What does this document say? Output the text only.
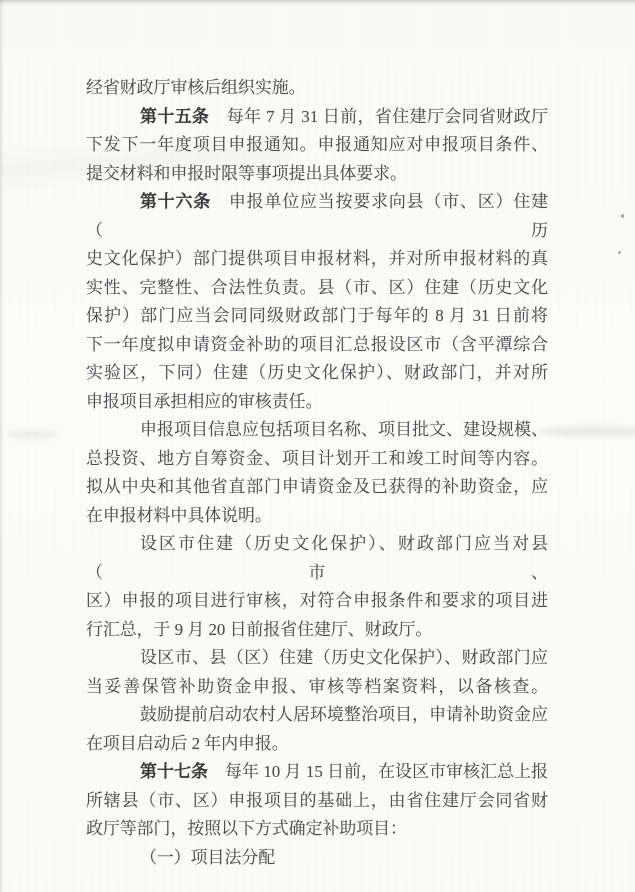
经省财政厅审核后组织实施。
第十五条　每年 7 月 31 日前，省住建厅会同省财政厅
下发下一年度项目申报通知。申报通知应对申报项目条件、
提交材料和申报时限等事项提出具体要求。
第十六条　申报单位应当按要求向县（市、区）住建（历
史文化保护）部门提供项目申报材料，并对所申报材料的真
实性、完整性、合法性负责。县（市、区）住建（历史文化
保护）部门应当会同同级财政部门于每年的 8 月 31 日前将
下一年度拟申请资金补助的项目汇总报设区市（含平潭综合
实验区，下同）住建（历史文化保护）、财政部门，并对所
申报项目承担相应的审核责任。
申报项目信息应包括项目名称、项目批文、建设规模、
总投资、地方自筹资金、项目计划开工和竣工时间等内容。
拟从中央和其他省直部门申请资金及已获得的补助资金，应
在申报材料中具体说明。
设区市住建（历史文化保护）、财政部门应当对县（市、
区）申报的项目进行审核，对符合申报条件和要求的项目进
行汇总，于 9 月 20 日前报省住建厅、财政厅。
设区市、县（区）住建（历史文化保护）、财政部门应
当妥善保管补助资金申报、审核等档案资料，以备核查。
鼓励提前启动农村人居环境整治项目，申请补助资金应
在项目启动后 2 年内申报。
第十七条　每年 10 月 15 日前，在设区市审核汇总上报
所辖县（市、区）申报项目的基础上，由省住建厅会同省财
政厅等部门，按照以下方式确定补助项目：
（一）项目法分配
